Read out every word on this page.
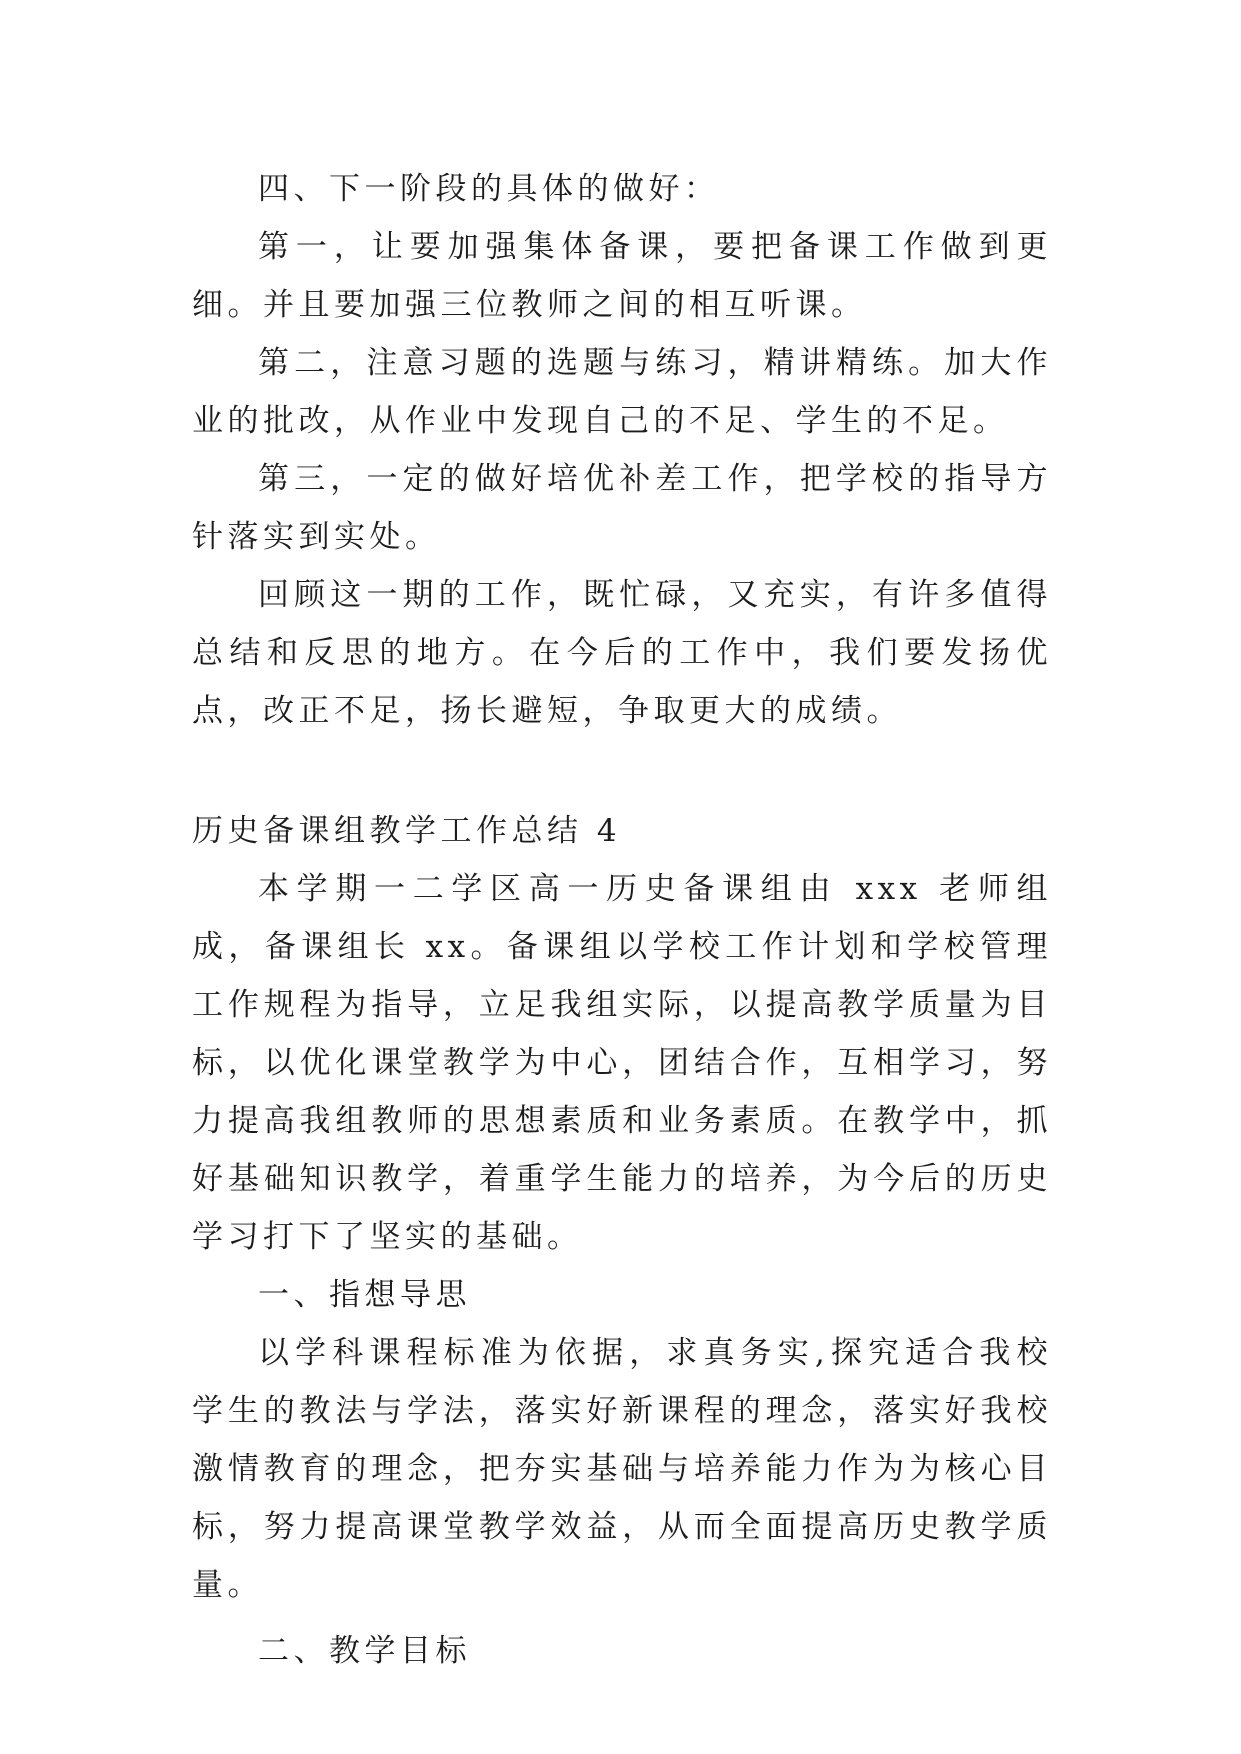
四、下一阶段的具体的做好：

第一，让要加强集体备课，要把备课工作做到更细。并且要加强三位教师之间的相互听课。

第二，注意习题的选题与练习，精讲精练。加大作业的批改，从作业中发现自己的不足、学生的不足。

第三，一定的做好培优补差工作，把学校的指导方针落实到实处。

回顾这一期的工作，既忙碌，又充实，有许多值得总结和反思的地方。在今后的工作中，我们要发扬优点，改正不足，扬长避短，争取更大的成绩。

历史备课组教学工作总结 4

本学期一二学区高一历史备课组由 xxx 老师组成，备课组长 xx。备课组以学校工作计划和学校管理工作规程为指导，立足我组实际，以提高教学质量为目标，以优化课堂教学为中心，团结合作，互相学习，努力提高我组教师的思想素质和业务素质。在教学中，抓好基础知识教学，着重学生能力的培养，为今后的历史学习打下了坚实的基础。

一、指想导思

以学科课程标准为依据，求真务实,探究适合我校学生的教法与学法，落实好新课程的理念，落实好我校激情教育的理念，把夯实基础与培养能力作为为核心目标，努力提高课堂教学效益，从而全面提高历史教学质量。

二、教学目标
